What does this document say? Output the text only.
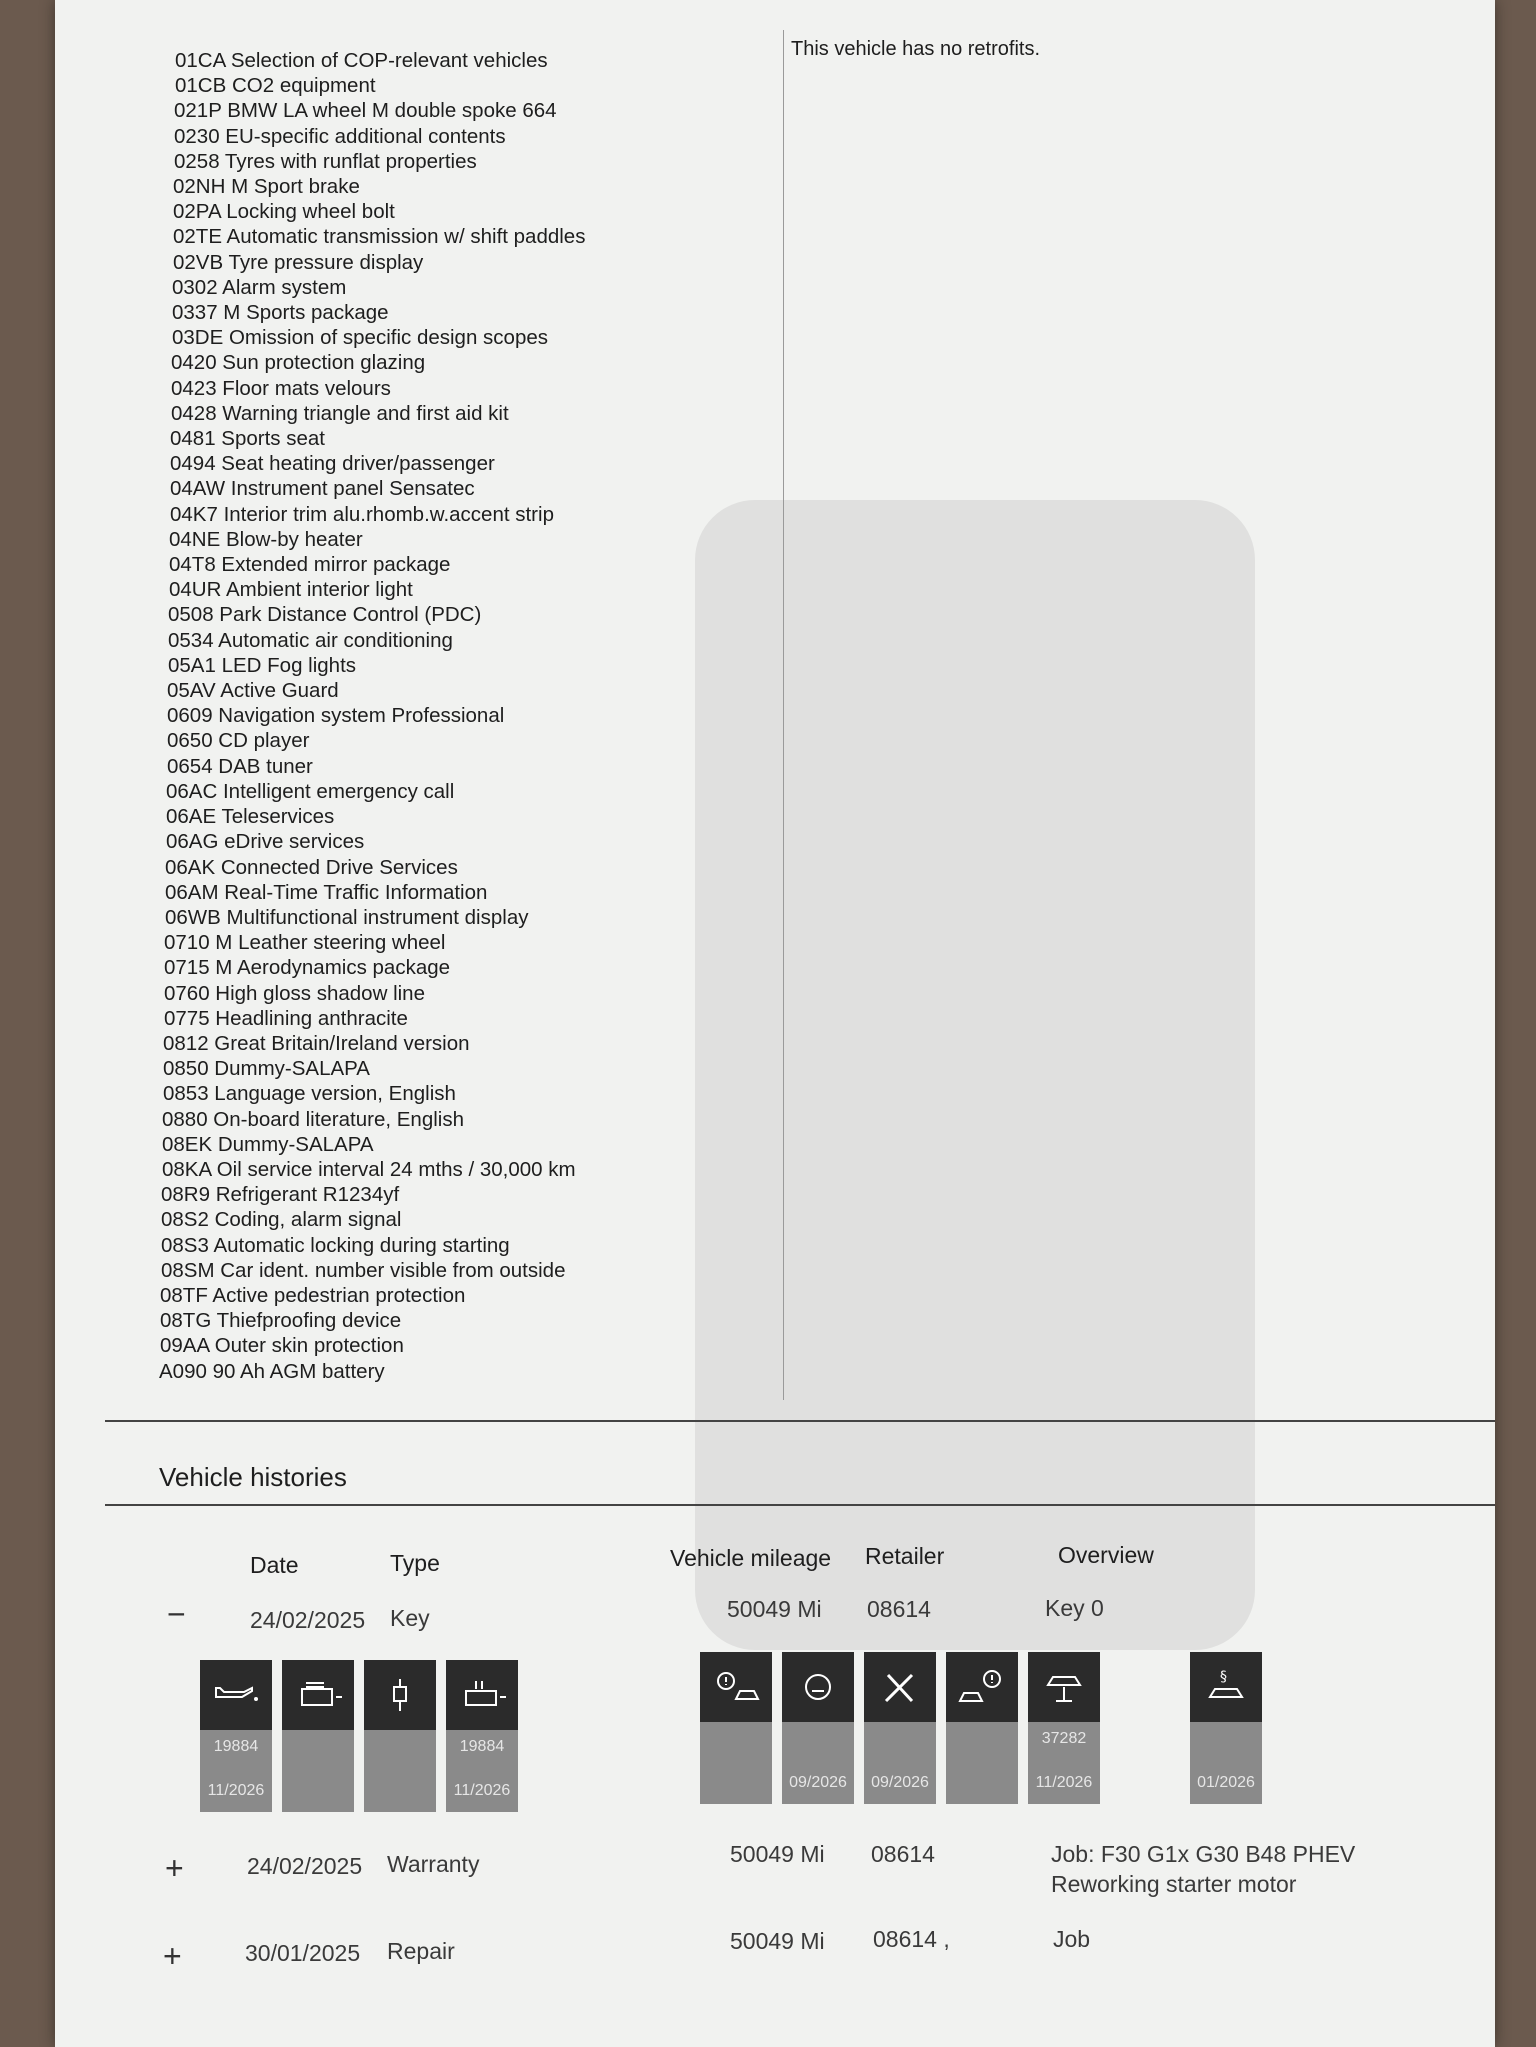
01CA Selection of COP-relevant vehicles
01CB CO2 equipment
021P BMW LA wheel M double spoke 664
0230 EU-specific additional contents
0258 Tyres with runflat properties
02NH M Sport brake
02PA Locking wheel bolt
02TE Automatic transmission w/ shift paddles
02VB Tyre pressure display
0302 Alarm system
0337 M Sports package
03DE Omission of specific design scopes
0420 Sun protection glazing
0423 Floor mats velours
0428 Warning triangle and first aid kit
0481 Sports seat
0494 Seat heating driver/passenger
04AW Instrument panel Sensatec
04K7 Interior trim alu.rhomb.w.accent strip
04NE Blow-by heater
04T8 Extended mirror package
04UR Ambient interior light
0508 Park Distance Control (PDC)
0534 Automatic air conditioning
05A1 LED Fog lights
05AV Active Guard
0609 Navigation system Professional
0650 CD player
0654 DAB tuner
06AC Intelligent emergency call
06AE Teleservices
06AG eDrive services
06AK Connected Drive Services
06AM Real-Time Traffic Information
06WB Multifunctional instrument display
0710 M Leather steering wheel
0715 M Aerodynamics package
0760 High gloss shadow line
0775 Headlining anthracite
0812 Great Britain/Ireland version
0850 Dummy-SALAPA
0853 Language version, English
0880 On-board literature, English
08EK Dummy-SALAPA
08KA Oil service interval 24 mths / 30,000 km
08R9 Refrigerant R1234yf
08S2 Coding, alarm signal
08S3 Automatic locking during starting
08SM Car ident. number visible from outside
08TF Active pedestrian protection
08TG Thiefproofing device
09AA Outer skin protection
A090 90 Ah AGM battery
This vehicle has no retrofits.
Vehicle histories
Date	Type	Vehicle mileage Retailer	Overview
−	24/02/2025 Key	50049 Mi 08614	Key 0
19884
11/2026
19884
11/2026	09/2026	09/2026
37282
11/2026
§
01/2026
+	24/02/2025 Warranty	50049 Mi 08614	Job: F30 G1x G30 B48 PHEV
Reworking starter motor
+	30/01/2025 Repair	50049 Mi 08614 ,	Job
